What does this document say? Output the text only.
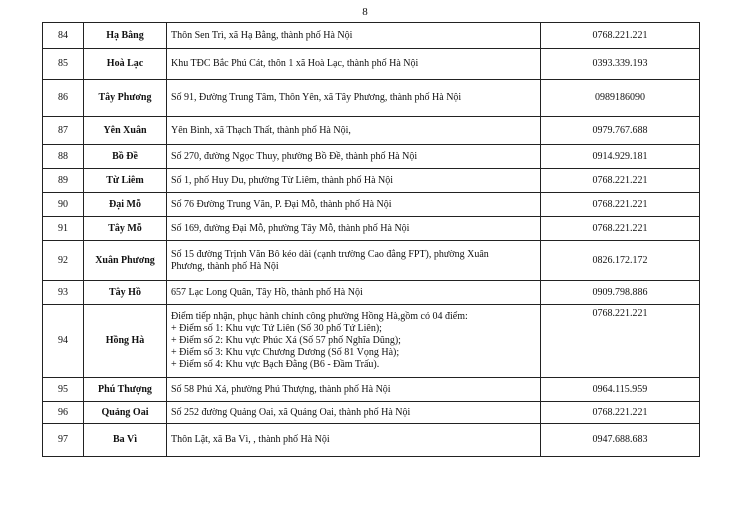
8
84	Hạ Bằng	Thôn Sen Trì, xã Hạ Bằng, thành phố Hà Nội	0768.221.221
85	Hoà Lạc	Khu TĐC Bắc Phú Cát, thôn 1 xã Hoà Lạc, thành phố Hà Nội	0393.339.193
86	Tây Phương	Số 91, Đường Trung Tâm, Thôn Yên, xã Tây Phương, thành phố Hà Nội	0989186090
87	Yên Xuân	Yên Bình, xã Thạch Thất, thành phố Hà Nội,	0979.767.688
88	Bồ Đề	Số 270, đường Ngọc Thuy, phường Bồ Đề, thành phố Hà Nội	0914.929.181
89	Từ Liêm	Số 1, phố Huy Du, phường Từ Liêm, thành phố Hà Nội	0768.221.221
90	Đại Mỗ	Số 76 Đường Trung Văn, P. Đại Mỗ, thành phố Hà Nội	0768.221.221
91	Tây Mỗ	Số 169, đường Đại Mỗ, phường Tây Mỗ, thành phố Hà Nội	0768.221.221
92	Xuân Phương	Số 15 đường Trịnh Văn Bô kéo dài (cạnh trường Cao đẳng FPT), phường Xuân
Phương, thành phố Hà Nội	0826.172.172
93	Tây Hồ	657 Lạc Long Quân, Tây Hồ, thành phố Hà Nội	0909.798.886
94	Hồng Hà	Điểm tiếp nhận, phục hành chính công phường Hồng Hà,gồm có 04 điểm:
+ Điểm số 1: Khu vực Tứ Liên (Số 30 phố Tứ Liên);
+ Điểm số 2: Khu vực Phúc Xá (Số 57 phố Nghĩa Dũng);
+ Điểm số 3: Khu vực Chương Dương (Số 81 Vọng Hà);
+ Điểm số 4: Khu vực Bạch Đằng (B6 - Đầm Trấu).	0768.221.221
95	Phú Thượng	Số 58 Phú Xá, phường Phú Thượng, thành phố Hà Nội	0964.115.959
96	Quảng Oai	Số 252 đường Quảng Oai, xã Quảng Oai, thành phố Hà Nội	0768.221.221
97	Ba Vì	Thôn Lặt, xã Ba Vì, , thành phố Hà Nội	0947.688.683
